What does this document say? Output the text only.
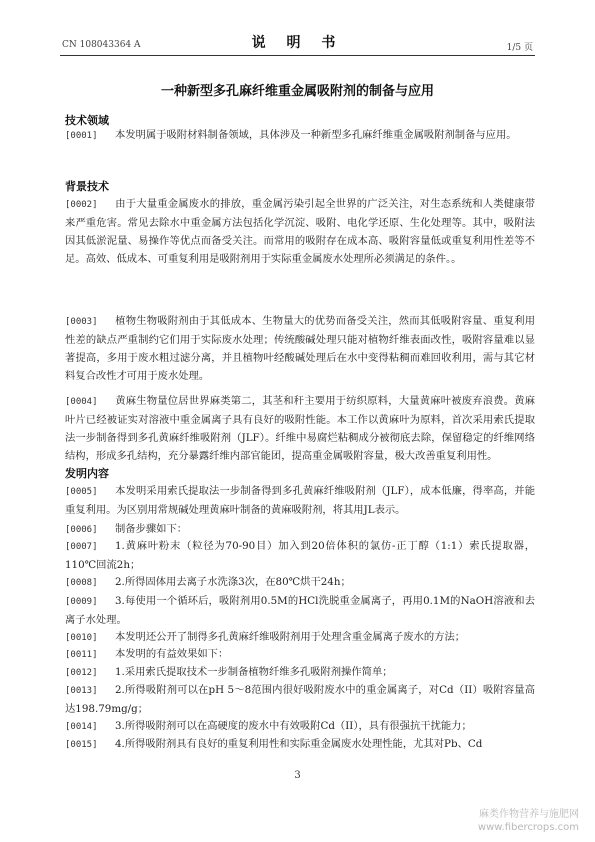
CN 108043364 A	说 明 书	1/5 页
一种新型多孔麻纤维重金属吸附剂的制备与应用
技术领域

[0001] 本发明属于吸附材料制备领域，具体涉及一种新型多孔麻纤维重金属吸附剂制备与应用。

背景技术

[0002] 由于大量重金属废水的排放，重金属污染引起全世界的广泛关注，对生态系统和人类健康带来严重危害。常见去除水中重金属方法包括化学沉淀、吸附、电化学还原、生化处理等。其中，吸附法因其低淤泥量、易操作等优点而备受关注。而常用的吸附存在成本高、吸附容量低或重复利用性差等不足。高效、低成本、可重复利用是吸附剂用于实际重金属废水处理所必须满足的条件。。

[0003] 植物生物吸附剂由于其低成本、生物量大的优势而备受关注，然而其低吸附容量、重复利用性差的缺点严重制约它们用于实际废水处理；传统酸碱处理只能对植物纤维表面改性，吸附容量难以显著提高，多用于废水粗过滤分离，并且植物叶经酸碱处理后在水中变得粘稠而难回收利用，需与其它材料复合改性才可用于废水处理。

[0004] 黄麻生物量位居世界麻类第二，其茎和秆主要用于纺织原料，大量黄麻叶被废弃浪费。黄麻叶片已经被证实对溶液中重金属离子具有良好的吸附性能。本工作以黄麻叶为原料，首次采用索氏提取法一步制备得到多孔黄麻纤维吸附剂（JLF）。纤维中易腐烂粘稠成分被彻底去除，保留稳定的纤维网络结构，形成多孔结构，充分暴露纤维内部官能团，提高重金属吸附容量，极大改善重复利用性。

发明内容

[0005] 本发明采用索氏提取法一步制备得到多孔黄麻纤维吸附剂（JLF），成本低廉，得率高，并能重复利用。为区别用常规碱处理黄麻叶制备的黄麻吸附剂，将其用JL表示。

[0006] 制备步骤如下：

[0007] 1.黄麻叶粉末（粒径为70-90目）加入到20倍体积的氯仿-正丁醇（1:1）索氏提取器，110℃回流2h；

[0008] 2.所得固体用去离子水洗涤3次，在80℃烘干24h；

[0009] 3.每使用一个循环后，吸附剂用0.5M的HCl洗脱重金属离子，再用0.1M的NaOH溶液和去离子水处理。

[0010] 本发明还公开了制得多孔黄麻纤维吸附剂用于处理含重金属离子废水的方法；

[0011] 本发明的有益效果如下：

[0012] 1.采用索氏提取技术一步制备植物纤维多孔吸附剂操作简单；

[0013] 2.所得吸附剂可以在pH 5～8范围内很好吸附废水中的重金属离子，对Cd（II）吸附容量高达198.79mg/g；

[0014] 3.所得吸附剂可以在高硬度的废水中有效吸附Cd（II），具有很强抗干扰能力；

[0015] 4.所得吸附剂具有良好的重复利用性和实际重金属废水处理性能，尤其对Pb、Cd

3
麻类作物营养与施肥网
www.fibercrops.com
